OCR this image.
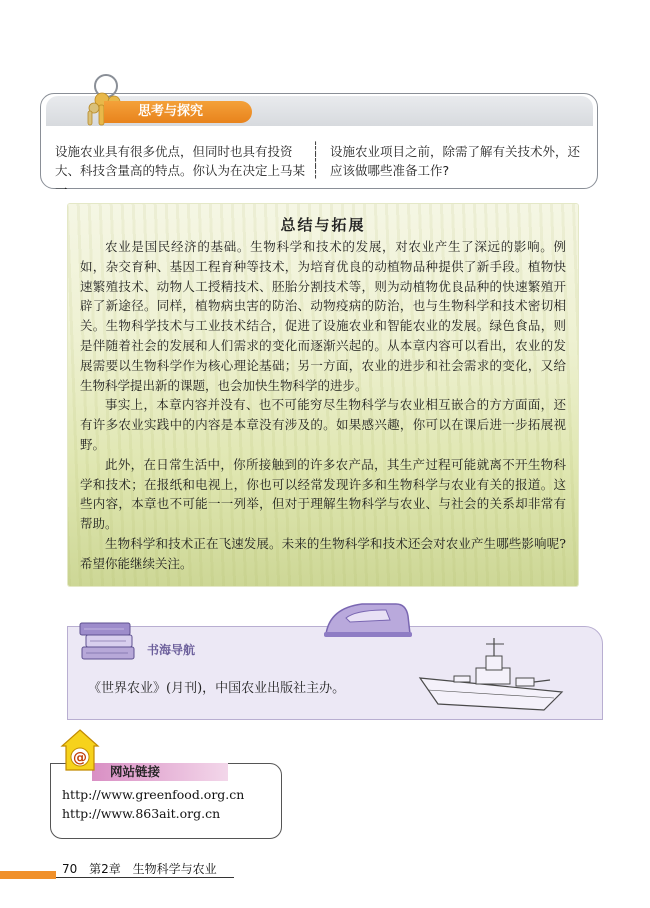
思考与探究
设施农业具有很多优点，但同时也具有投资大、科技含量高的特点。你认为在决定上马某一
┆
┆
┆
设施农业项目之前，除需了解有关技术外，还应该做哪些准备工作?
总结与拓展

农业是国民经济的基础。生物科学和技术的发展，对农业产生了深远的影响。例如，杂交育种、基因工程育种等技术，为培育优良的动植物品种提供了新手段。植物快速繁殖技术、动物人工授精技术、胚胎分割技术等，则为动植物优良品种的快速繁殖开辟了新途径。同样，植物病虫害的防治、动物疫病的防治，也与生物科学和技术密切相关。生物科学技术与工业技术结合，促进了设施农业和智能农业的发展。绿色食品，则是伴随着社会的发展和人们需求的变化而逐渐兴起的。从本章内容可以看出，农业的发展需要以生物科学作为核心理论基础；另一方面，农业的进步和社会需求的变化，又给生物科学提出新的课题，也会加快生物科学的进步。

事实上，本章内容并没有、也不可能穷尽生物科学与农业相互嵌合的方方面面，还有许多农业实践中的内容是本章没有涉及的。如果感兴趣，你可以在课后进一步拓展视野。

此外，在日常生活中，你所接触到的许多农产品，其生产过程可能就离不开生物科学和技术；在报纸和电视上，你也可以经常发现许多和生物科学与农业有关的报道。这些内容，本章也不可能一一列举，但对于理解生物科学与农业、与社会的关系却非常有帮助。

生物科学和技术正在飞速发展。未来的生物科学和技术还会对农业产生哪些影响呢?希望你能继续关注。

书海导航
《世界农业》(月刊)，中国农业出版社主办。
@
网站链接
http://www.greenfood.org.cn
http://www.863ait.org.cn
70 第2章 生物科学与农业
